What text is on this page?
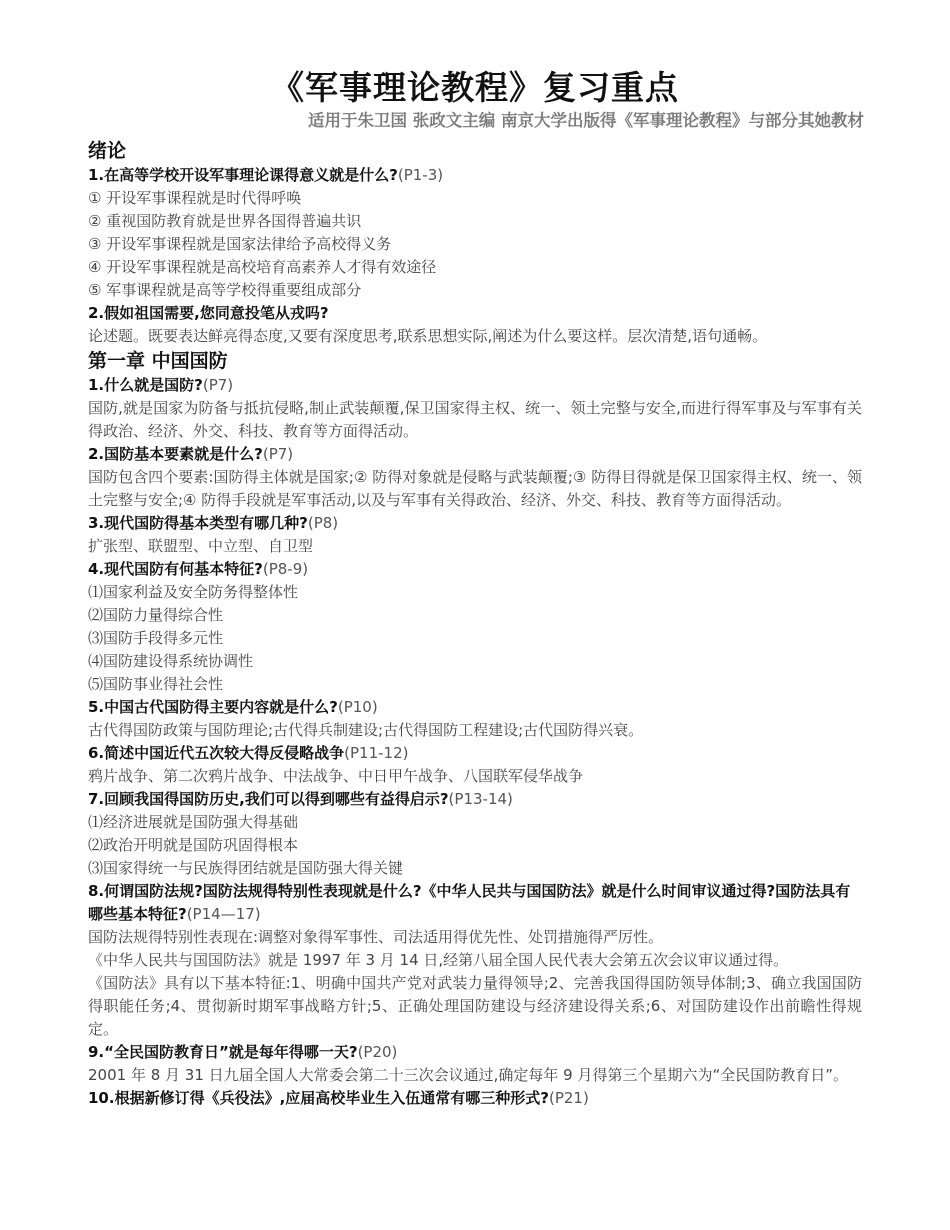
《军事理论教程》复习重点
适用于朱卫国 张政文主编 南京大学出版得《军事理论教程》与部分其她教材
绪论

1.在高等学校开设军事理论课得意义就是什么?(P1-3)

① 开设军事课程就是时代得呼唤

② 重视国防教育就是世界各国得普遍共识

③ 开设军事课程就是国家法律给予高校得义务

④ 开设军事课程就是高校培育高素养人才得有效途径

⑤ 军事课程就是高等学校得重要组成部分

2.假如祖国需要,您同意投笔从戎吗?

论述题。既要表达鲜亮得态度,又要有深度思考,联系思想实际,阐述为什么要这样。层次清楚,语句通畅。

第一章 中国国防

1.什么就是国防?(P7)

国防,就是国家为防备与抵抗侵略,制止武装颠覆,保卫国家得主权、统一、领土完整与安全,而进行得军事及与军事有关得政治、经济、外交、科技、教育等方面得活动。

2.国防基本要素就是什么?(P7)

国防包含四个要素:国防得主体就是国家;② 防得对象就是侵略与武装颠覆;③ 防得目得就是保卫国家得主权、统一、领土完整与安全;④ 防得手段就是军事活动,以及与军事有关得政治、经济、外交、科技、教育等方面得活动。

3.现代国防得基本类型有哪几种?(P8)

扩张型、联盟型、中立型、自卫型

4.现代国防有何基本特征?(P8-9)

⑴国家利益及安全防务得整体性

⑵国防力量得综合性

⑶国防手段得多元性

⑷国防建设得系统协调性

⑸国防事业得社会性

5.中国古代国防得主要内容就是什么?(P10)

古代得国防政策与国防理论;古代得兵制建设;古代得国防工程建设;古代国防得兴衰。

6.简述中国近代五次较大得反侵略战争(P11-12)

鸦片战争、第二次鸦片战争、中法战争、中日甲午战争、八国联军侵华战争

7.回顾我国得国防历史,我们可以得到哪些有益得启示?(P13-14)

⑴经济进展就是国防强大得基础

⑵政治开明就是国防巩固得根本

⑶国家得统一与民族得团结就是国防强大得关键

8.何谓国防法规?国防法规得特别性表现就是什么?《中华人民共与国国防法》就是什么时间审议通过得?国防法具有哪些基本特征?(P14—17)

国防法规得特别性表现在:调整对象得军事性、司法适用得优先性、处罚措施得严厉性。

《中华人民共与国国防法》就是 1997 年 3 月 14 日,经第八届全国人民代表大会第五次会议审议通过得。

《国防法》具有以下基本特征:1、明确中国共产党对武装力量得领导;2、完善我国得国防领导体制;3、确立我国国防得职能任务;4、贯彻新时期军事战略方针;5、正确处理国防建设与经济建设得关系;6、对国防建设作出前瞻性得规定。

9.“全民国防教育日”就是每年得哪一天?(P20)

2001 年 8 月 31 日九届全国人大常委会第二十三次会议通过,确定每年 9 月得第三个星期六为“全民国防教育日”。

10.根据新修订得《兵役法》,应届高校毕业生入伍通常有哪三种形式?(P21)
